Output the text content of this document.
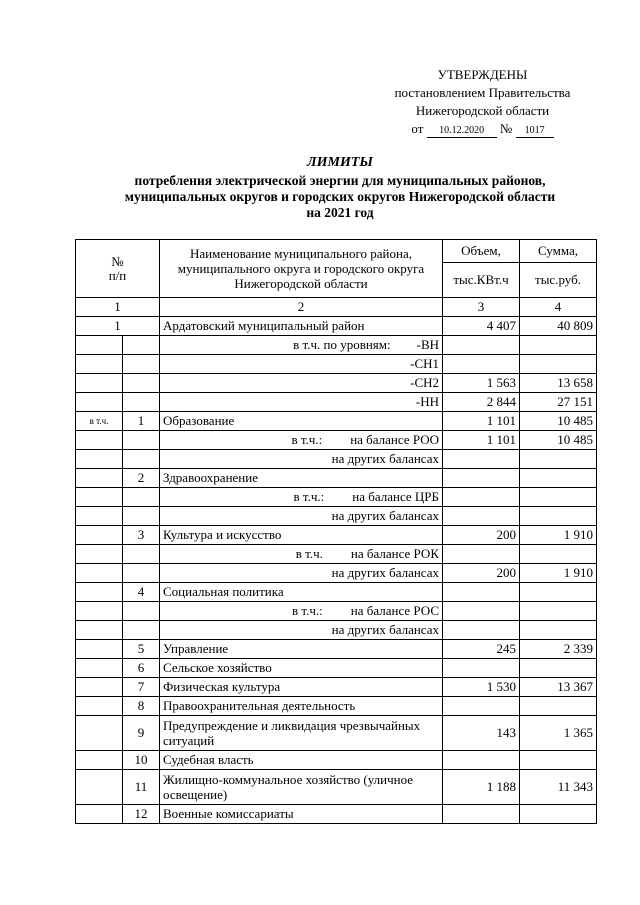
УТВЕРЖДЕНЫ
постановлением Правительства
Нижегородской области
от 10.12.2020 № 1017
ЛИМИТЫ
потребления электрической энергии для муниципальных районов,
муниципальных округов и городских округов Нижегородской области
на 2021 год
№
п/п		Наименование муниципального района, муниципального округа и городского округа Нижегородской области	Объем,	Сумма,
			тыс.КВт.ч	тыс.руб.
1		2	3	4
1		Ардатовский муниципальный район	4 407	40 809

		в т.ч. по уровням: -ВН		

		-СН1		
		-СН2	1 563	13 658
		-НН	2 844	27 151
в т.ч.	1	Образование	1 101	10 485

		в т.ч.: на балансе РОО	1 101	10 485
		на других балансах		
	2	Здравоохранение		

		в т.ч.: на балансе ЦРБ		

		на других балансах		
	3	Культура и искусство	200	1 910

		в т.ч. на балансе РОК		

		на других балансах	200	1 910
	4	Социальная политика		

		в т.ч.: на балансе РОС		

		на других балансах		
	5	Управление	245	2 339
	6	Сельское хозяйство		
	7	Физическая культура	1 530	13 367
	8	Правоохранительная деятельность		
	9	Предупреждение и ликвидация чрезвычайных ситуаций	143	1 365
	10	Судебная власть		
	11	Жилищно-коммунальное хозяйство (уличное освещение)	1 188	11 343
	12	Военные комиссариаты		
